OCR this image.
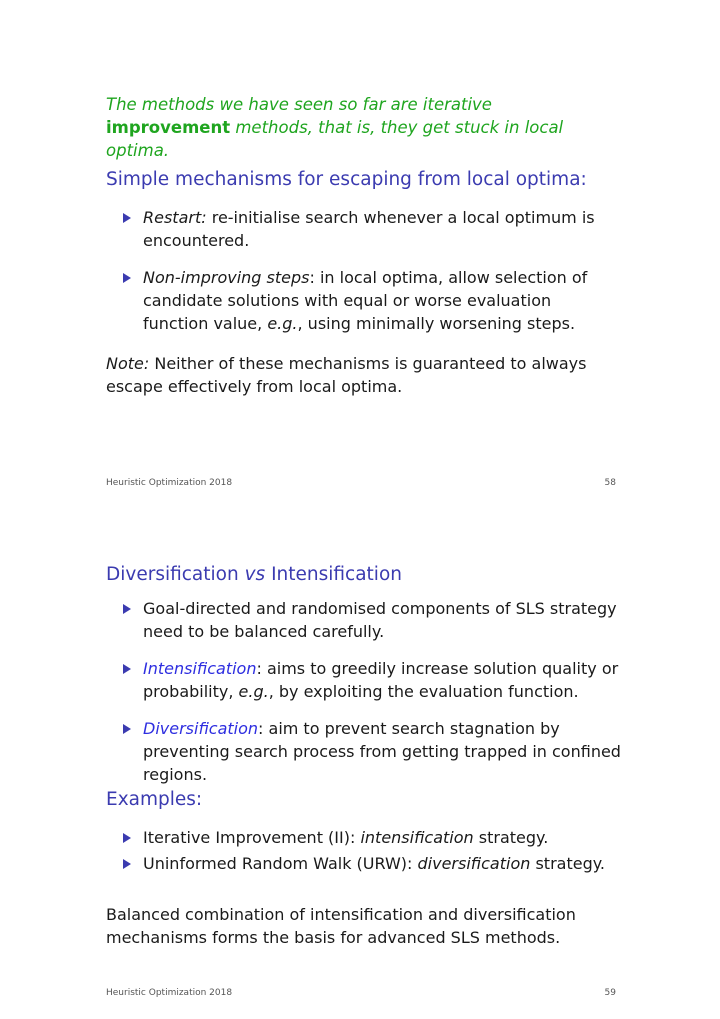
The methods we have seen so far are iterative improvement methods, that is, they get stuck in local optima.

Simple mechanisms for escaping from local optima:
Restart: re-initialise search whenever a local optimum is encountered.
Non-improving steps: in local optima, allow selection of candidate solutions with equal or worse evaluation function value, e.g., using minimally worsening steps.

Note: Neither of these mechanisms is guaranteed to always escape effectively from local optima.

Heuristic Optimization 2018	58
Diversification vs Intensification
Goal-directed and randomised components of SLS strategy need to be balanced carefully.
Intensification: aims to greedily increase solution quality or probability, e.g., by exploiting the evaluation function.
Diversification: aim to prevent search stagnation by preventing search process from getting trapped in confined regions.
Examples:
Iterative Improvement (II): intensification strategy.
Uninformed Random Walk (URW): diversification strategy.

Balanced combination of intensification and diversification mechanisms forms the basis for advanced SLS methods.

Heuristic Optimization 2018	59
